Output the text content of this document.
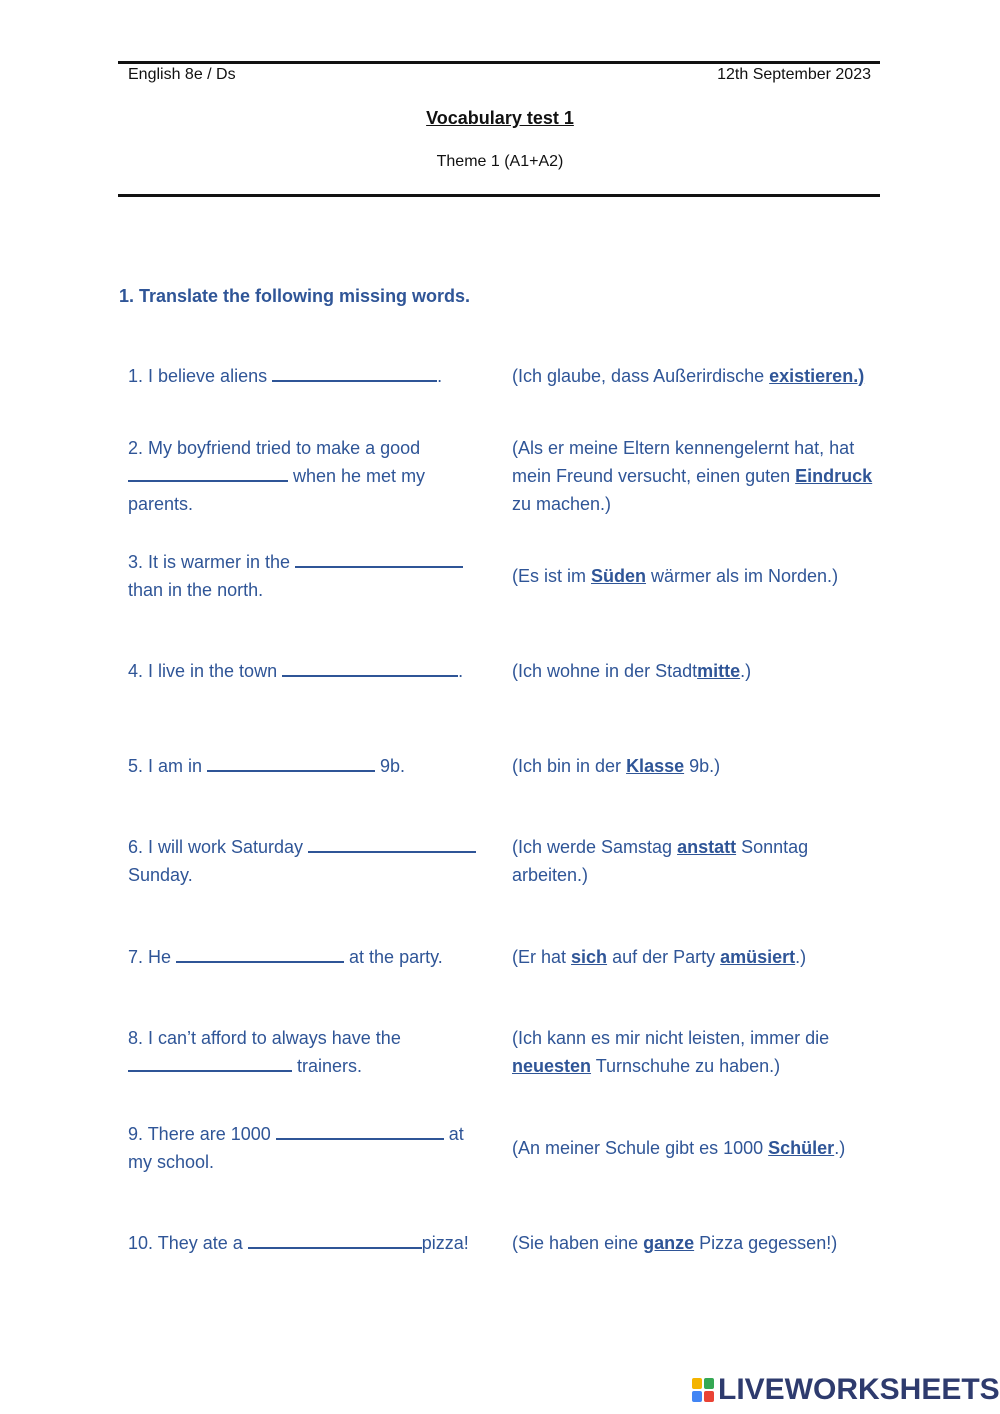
English 8e / Ds	12th September 2023
Vocabulary test 1
Theme 1 (A1+A2)
1. Translate the following missing words.
1. I believe aliens	.	(Ich glaube, dass Außerirdische existieren.)
2. My boyfriend tried to make a good  when he met my parents.
(Als er meine Eltern kennengelernt hat, hat mein Freund versucht, einen guten Eindruck zu machen.)
3. It is warmer in the  than in the north.
(Es ist im Süden wärmer als im Norden.)
4. I live in the town	.	(Ich wohne in der Stadtmitte.)
5. I am in	9b.	(Ich bin in der Klasse 9b.)
6. I will work Saturday  Sunday.
(Ich werde Samstag anstatt Sonntag arbeiten.)
7. He	at the party.	(Er hat sich auf der Party amüsiert.)
8. I can’t afford to always have the  trainers.
(Ich kann es mir nicht leisten, immer die neuesten Turnschuhe zu haben.)
9. There are 1000	at my school.
(An meiner Schule gibt es 1000 Schüler.)
10. They ate a	pizza!	(Sie haben eine ganze Pizza gegessen!)
LIVEWORKSHEETS
